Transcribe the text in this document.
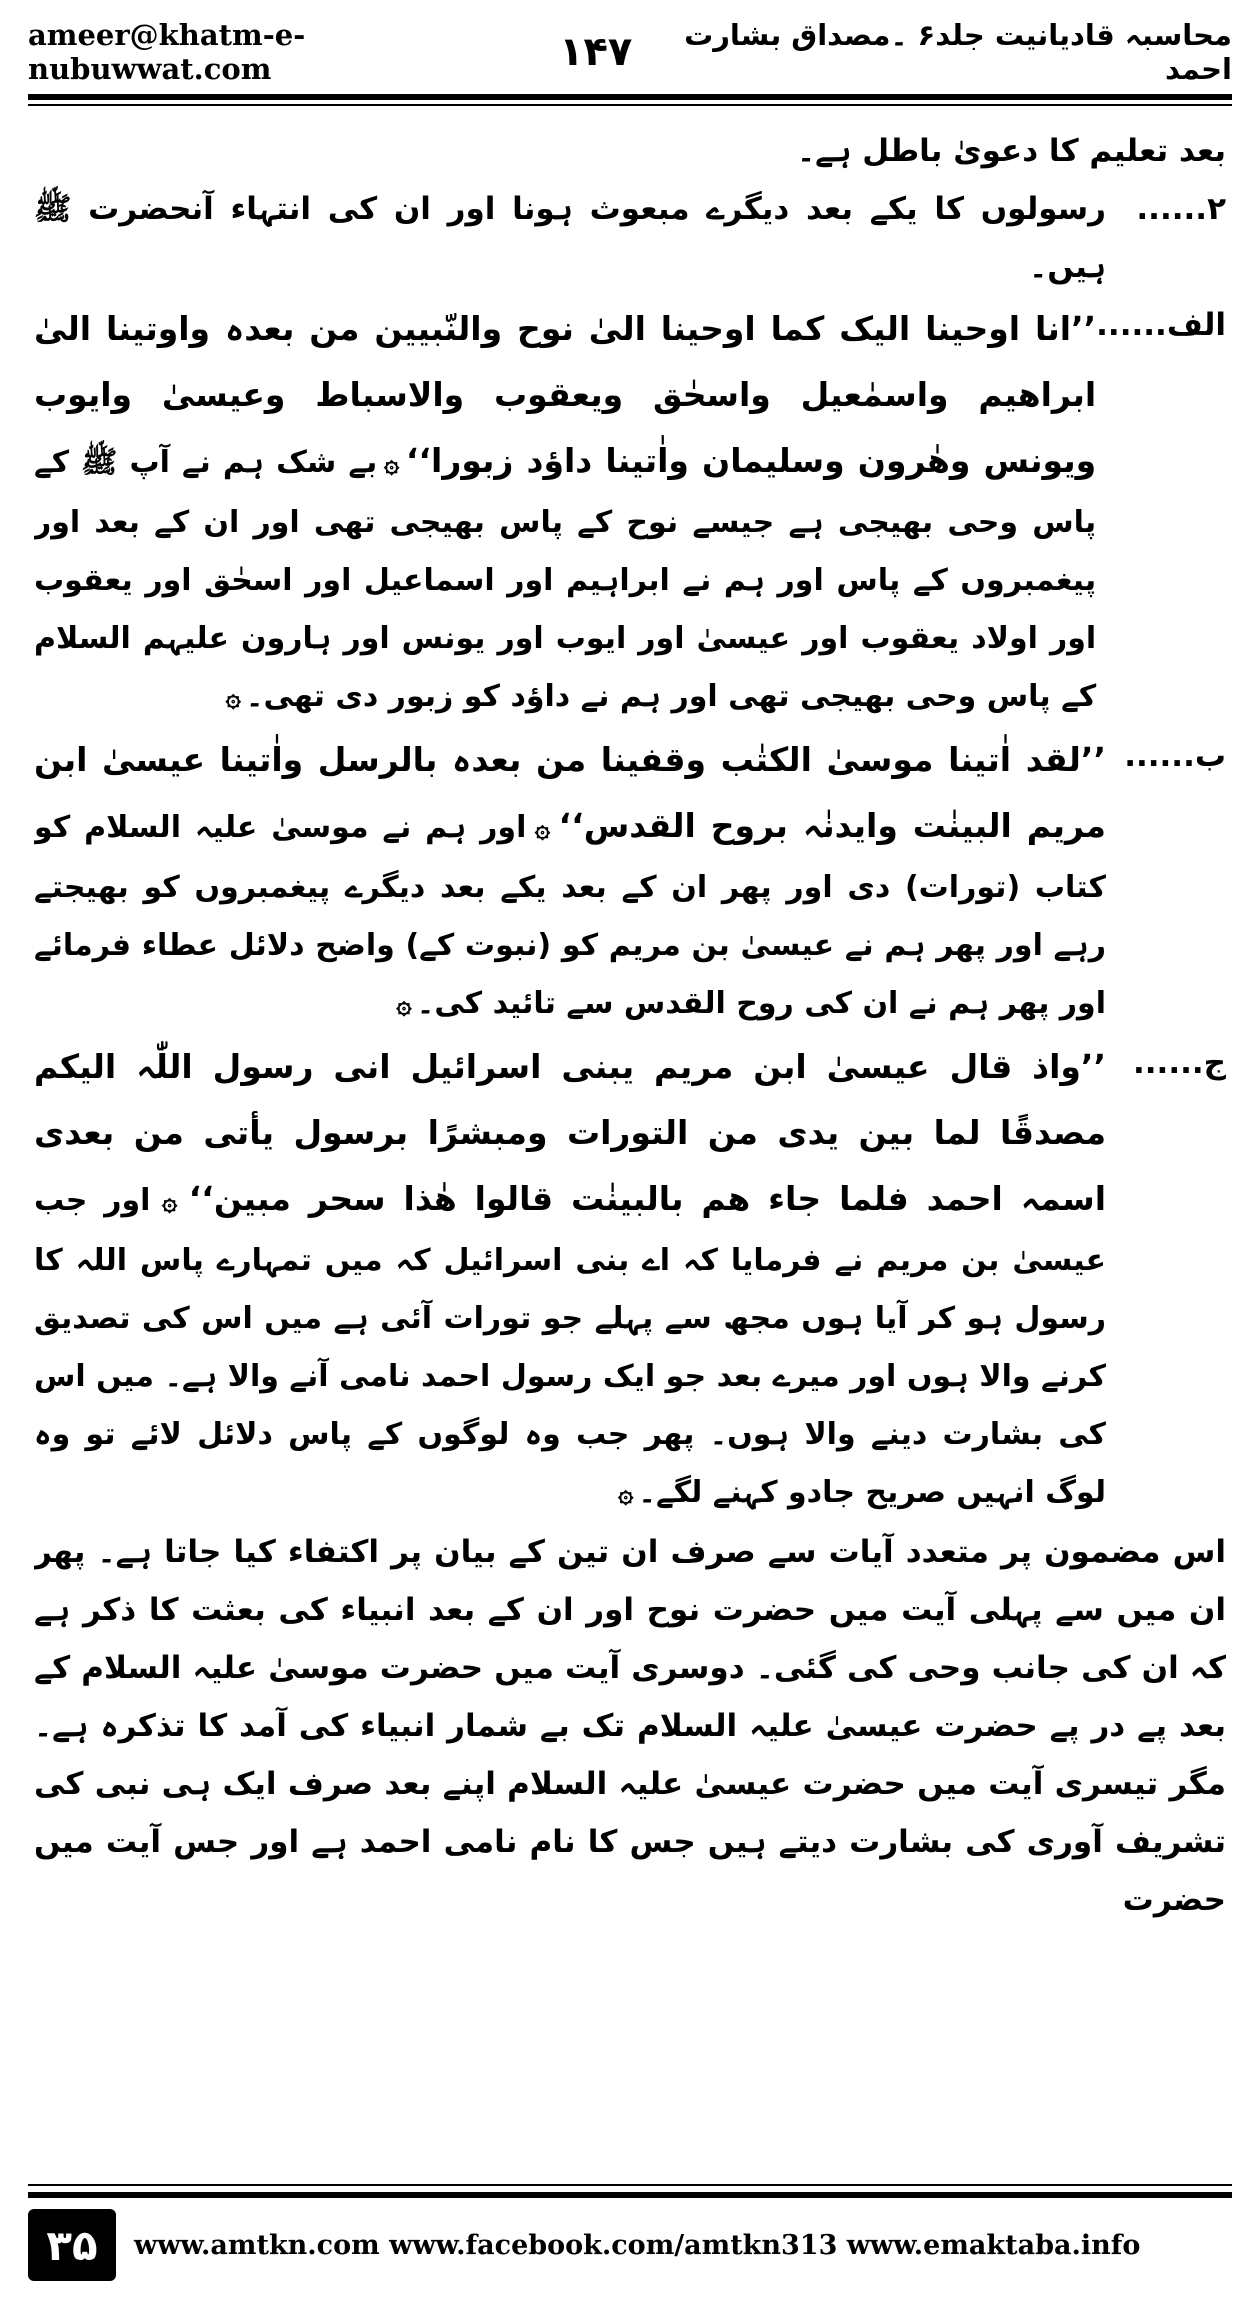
ameer@khatm-e-nubuwwat.com	۱۴۷	محاسبہ قادیانیت جلد۶ ۔مصداق بشارت احمد

بعد تعلیم کا دعویٰ باطل ہے۔

۲......

رسولوں کا یکے بعد دیگرے مبعوث ہونا اور ان کی انتہاء آنحضرت ﷺ ہیں۔

الف......
’’انا اوحینا الیک کما اوحینا الیٰ نوح والنّبیین من بعدہ واوتینا الیٰ ابراھیم واسمٰعیل واسحٰق ویعقوب والاسباط وعیسیٰ وایوب ویونس وھٰرون وسلیمان واٰتینا داؤد زبورا‘‘ ۞ بے شک ہم نے آپ ﷺ کے پاس وحی بھیجی ہے جیسے نوح کے پاس بھیجی تھی اور ان کے بعد اور پیغمبروں کے پاس اور ہم نے ابراہیم اور اسماعیل اور اسحٰق اور یعقوب اور اولاد یعقوب اور عیسیٰ اور ایوب اور یونس اور ہارون علیہم السلام کے پاس وحی بھیجی تھی اور ہم نے داؤد کو زبور دی تھی۔ ۞
ب......
’’لقد اٰتینا موسیٰ الکتٰب وقفینا من بعدہ بالرسل واٰتینا عیسیٰ ابن مریم البینٰت وایدنٰہ بروح القدس‘‘ ۞ اور ہم نے موسیٰ علیہ السلام کو کتاب (تورات) دی اور پھر ان کے بعد یکے بعد دیگرے پیغمبروں کو بھیجتے رہے اور پھر ہم نے عیسیٰ بن مریم کو (نبوت کے) واضح دلائل عطاء فرمائے اور پھر ہم نے ان کی روح القدس سے تائید کی۔ ۞
ج......
’’واذ قال عیسیٰ ابن مریم یبنی اسرائیل انی رسول اللّٰہ الیکم مصدقًا لما بین یدی من التورات ومبشرًا برسول یأتی من بعدی اسمہ احمد فلما جاء ھم بالبینٰت قالوا ھٰذا سحر مبین‘‘ ۞ اور جب عیسیٰ بن مریم نے فرمایا کہ اے بنی اسرائیل کہ میں تمہارے پاس اللہ کا رسول ہو کر آیا ہوں مجھ سے پہلے جو تورات آئی ہے میں اس کی تصدیق کرنے والا ہوں اور میرے بعد جو ایک رسول احمد نامی آنے والا ہے۔ میں اس کی بشارت دینے والا ہوں۔ پھر جب وہ لوگوں کے پاس دلائل لائے تو وہ لوگ انہیں صریح جادو کہنے لگے۔ ۞

اس مضمون پر متعدد آیات سے صرف ان تین کے بیان پر اکتفاء کیا جاتا ہے۔ پھر ان میں سے پہلی آیت میں حضرت نوح اور ان کے بعد انبیاء کی بعثت کا ذکر ہے کہ ان کی جانب وحی کی گئی۔ دوسری آیت میں حضرت موسیٰ علیہ السلام کے بعد پے در پے حضرت عیسیٰ علیہ السلام تک بے شمار انبیاء کی آمد کا تذکرہ ہے۔ مگر تیسری آیت میں حضرت عیسیٰ علیہ السلام اپنے بعد صرف ایک ہی نبی کی تشریف آوری کی بشارت دیتے ہیں جس کا نام نامی احمد ہے اور جس آیت میں حضرت

۳۵	www.amtkn.com www.facebook.com/amtkn313 www.emaktaba.info
